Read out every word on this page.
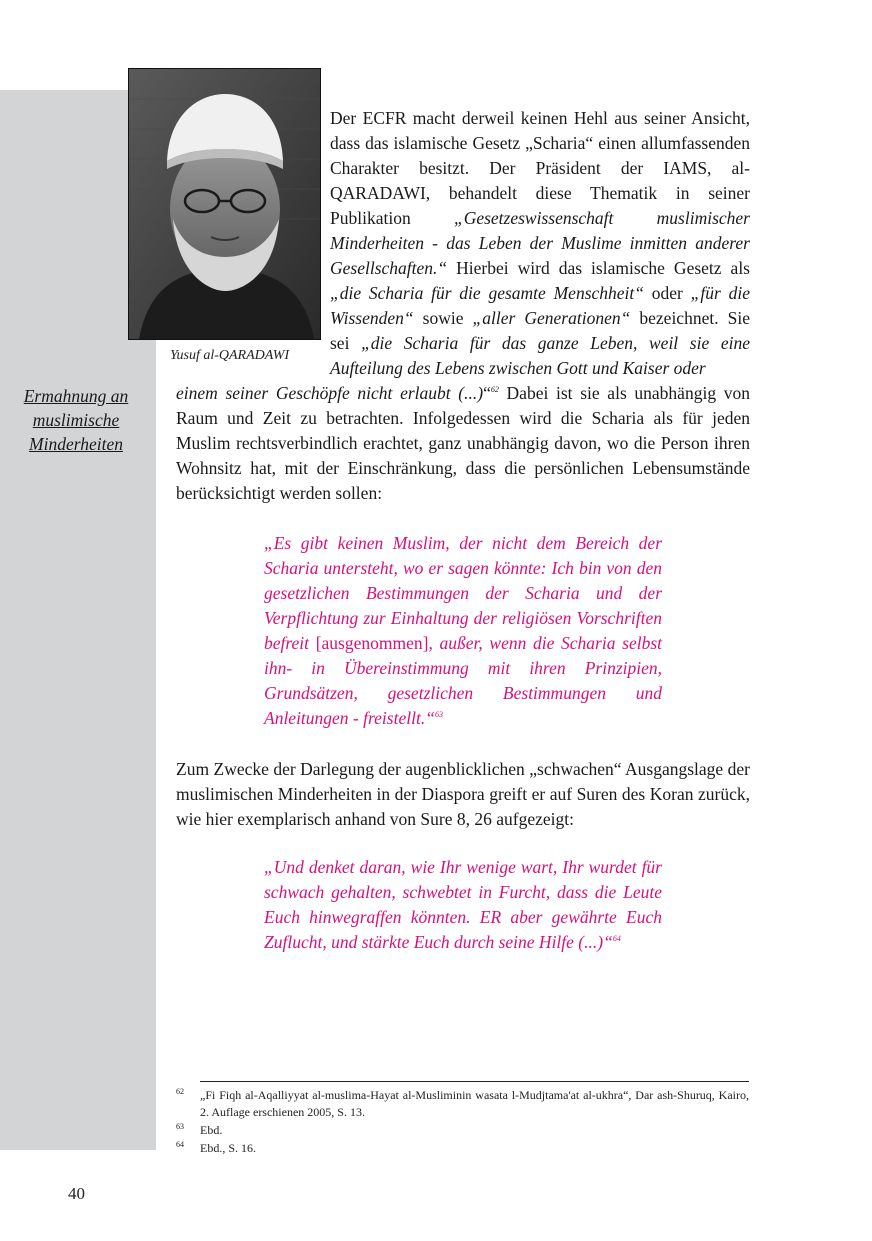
Yusuf al-QARADAWI
Ermahnung an
muslimische
Minderheiten

Der ECFR macht derweil keinen Hehl aus seiner Ansicht, dass das islamische Gesetz „Scharia“ einen allumfassenden Charakter besitzt. Der Präsident der IAMS, al-QARADAWI, behandelt diese Thematik in seiner Publikation „Gesetzeswissenschaft muslimischer Minderheiten - das Leben der Muslime inmitten anderer Gesellschaften.“ Hierbei wird das islamische Gesetz als „die Scharia für die gesamte Menschheit“ oder „für die Wissenden“ sowie „aller Generationen“ bezeichnet. Sie sei „die Scharia für das ganze Leben, weil sie eine Aufteilung des Lebens zwischen Gott und Kaiser oder

einem seiner Geschöpfe nicht erlaubt (...)“$^{62}$ Dabei ist sie als unabhängig von Raum und Zeit zu betrachten. Infolgedessen wird die Scharia als für jeden Muslim rechtsverbindlich erachtet, ganz unabhängig davon, wo die Person ihren Wohnsitz hat, mit der Einschränkung, dass die persönlichen Lebensumstände berücksichtigt werden sollen:

„Es gibt keinen Muslim, der nicht dem Bereich der Scharia untersteht, wo er sagen könnte: Ich bin von den gesetzlichen Bestimmungen der Scharia und der Verpflichtung zur Einhaltung der religiösen Vorschriften befreit [ausgenommen], außer, wenn die Scharia selbst ihn- in Übereinstimmung mit ihren Prinzipien, Grundsätzen, gesetzlichen Bestimmungen und Anleitungen - freistellt.“$^{63}$

Zum Zwecke der Darlegung der augenblicklichen „schwachen“ Ausgangslage der muslimischen Minderheiten in der Diaspora greift er auf Suren des Koran zurück, wie hier exemplarisch anhand von Sure 8, 26 aufgezeigt:

„Und denket daran, wie Ihr wenige wart, Ihr wurdet für schwach gehalten, schwebtet in Furcht, dass die Leute Euch hinwegraffen könnten. ER aber gewährte Euch Zuflucht, und stärkte Euch durch seine Hilfe (...)“$^{64}$

62 „Fi Fiqh al-Aqalliyyat al-muslima-Hayat al-Musliminin wasata l-Mudjtama'at al-ukhra“, Dar ash-Shuruq, Kairo, 2. Auflage erschienen 2005, S. 13.

63 Ebd.

64 Ebd., S. 16.

40
